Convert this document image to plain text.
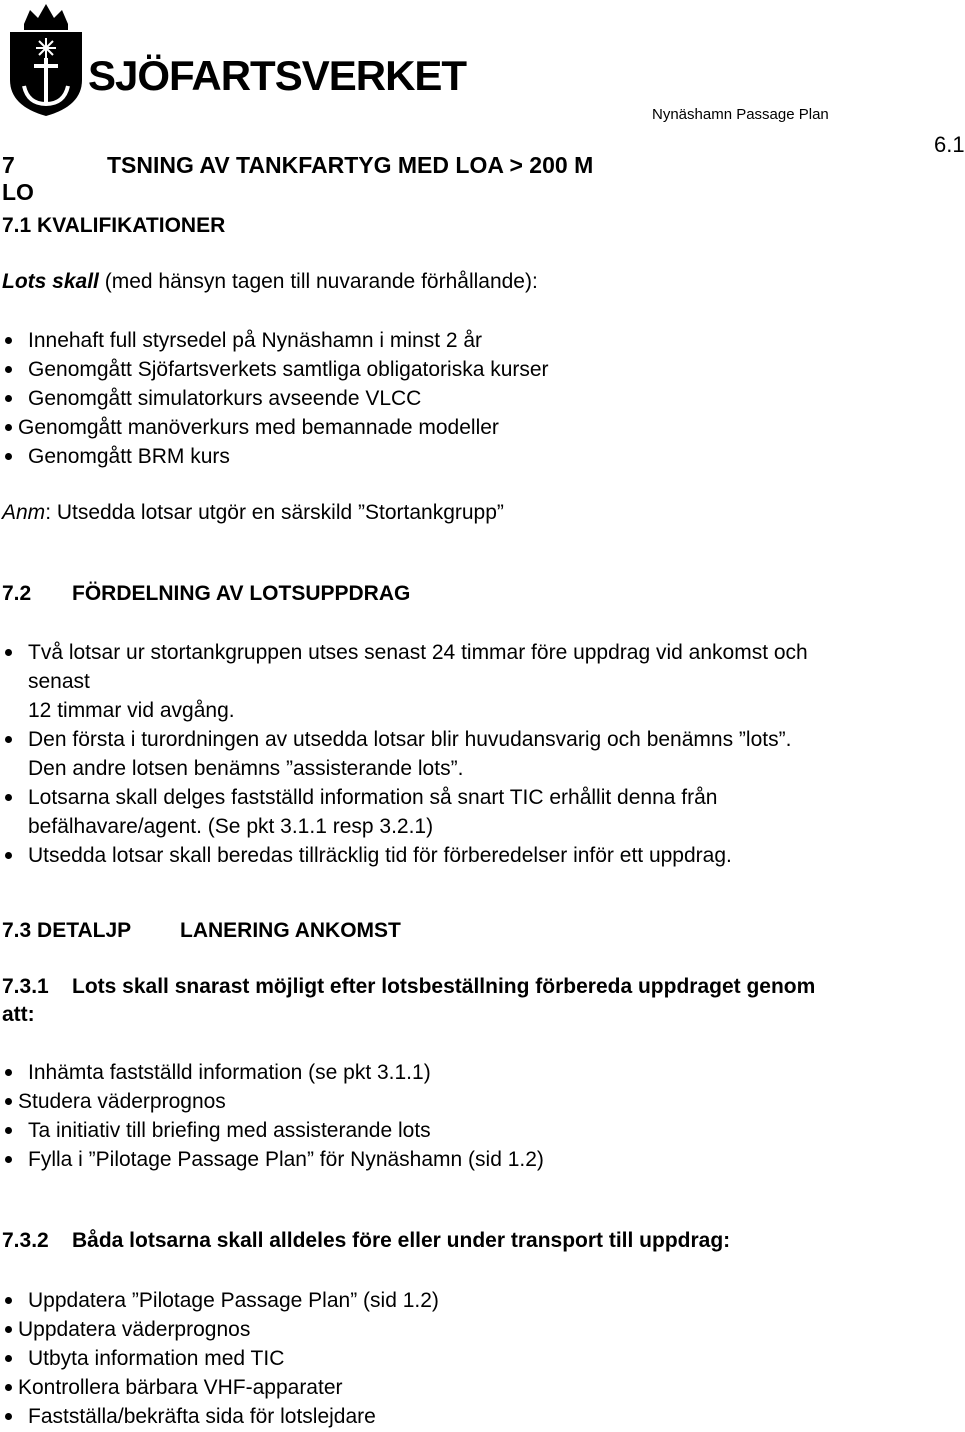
SJÖFARTSVERKET
Nynäshamn Passage Plan
6.1
7 LO
TSNING AV TANKFARTYG MED LOA > 200 M
7.1 KVALIFIKATIONER
Lots skall (med hänsyn tagen till nuvarande förhållande):
Innehaft full styrsedel på Nynäshamn i minst 2 år
Genomgått Sjöfartsverkets samtliga obligatoriska kurser
Genomgått simulatorkurs avseende VLCC
Genomgått manöverkurs med bemannade modeller
Genomgått BRM kurs
Anm: Utsedda lotsar utgör en särskild ”Stortankgrupp”
7.2 FÖRDELNING AV LOTSUPPDRAG
Två lotsar ur stortankgruppen utses senast 24 timmar före uppdrag vid ankomst och
senast
12 timmar vid avgång.
Den första i turordningen av utsedda lotsar blir huvudansvarig och benämns ”lots”.
Den andre lotsen benämns ”assisterande lots”.
Lotsarna skall delges fastställd information så snart TIC erhållit denna från
befälhavare/agent. (Se pkt 3.1.1 resp 3.2.1)
Utsedda lotsar skall beredas tillräcklig tid för förberedelser inför ett uppdrag.
7.3 DETALJP LANERING ANKOMST
7.3.1 Lots skall snarast möjligt efter lotsbeställning förbereda uppdraget genom
att:
Inhämta fastställd information (se pkt 3.1.1)
Studera väderprognos
Ta initiativ till briefing med assisterande lots
Fylla i ”Pilotage Passage Plan” för Nynäshamn (sid 1.2)
7.3.2 Båda lotsarna skall alldeles före eller under transport till uppdrag:
Uppdatera ”Pilotage Passage Plan” (sid 1.2)
Uppdatera väderprognos
Utbyta information med TIC
Kontrollera bärbara VHF-apparater
Fastställa/bekräfta sida för lotslejdare
